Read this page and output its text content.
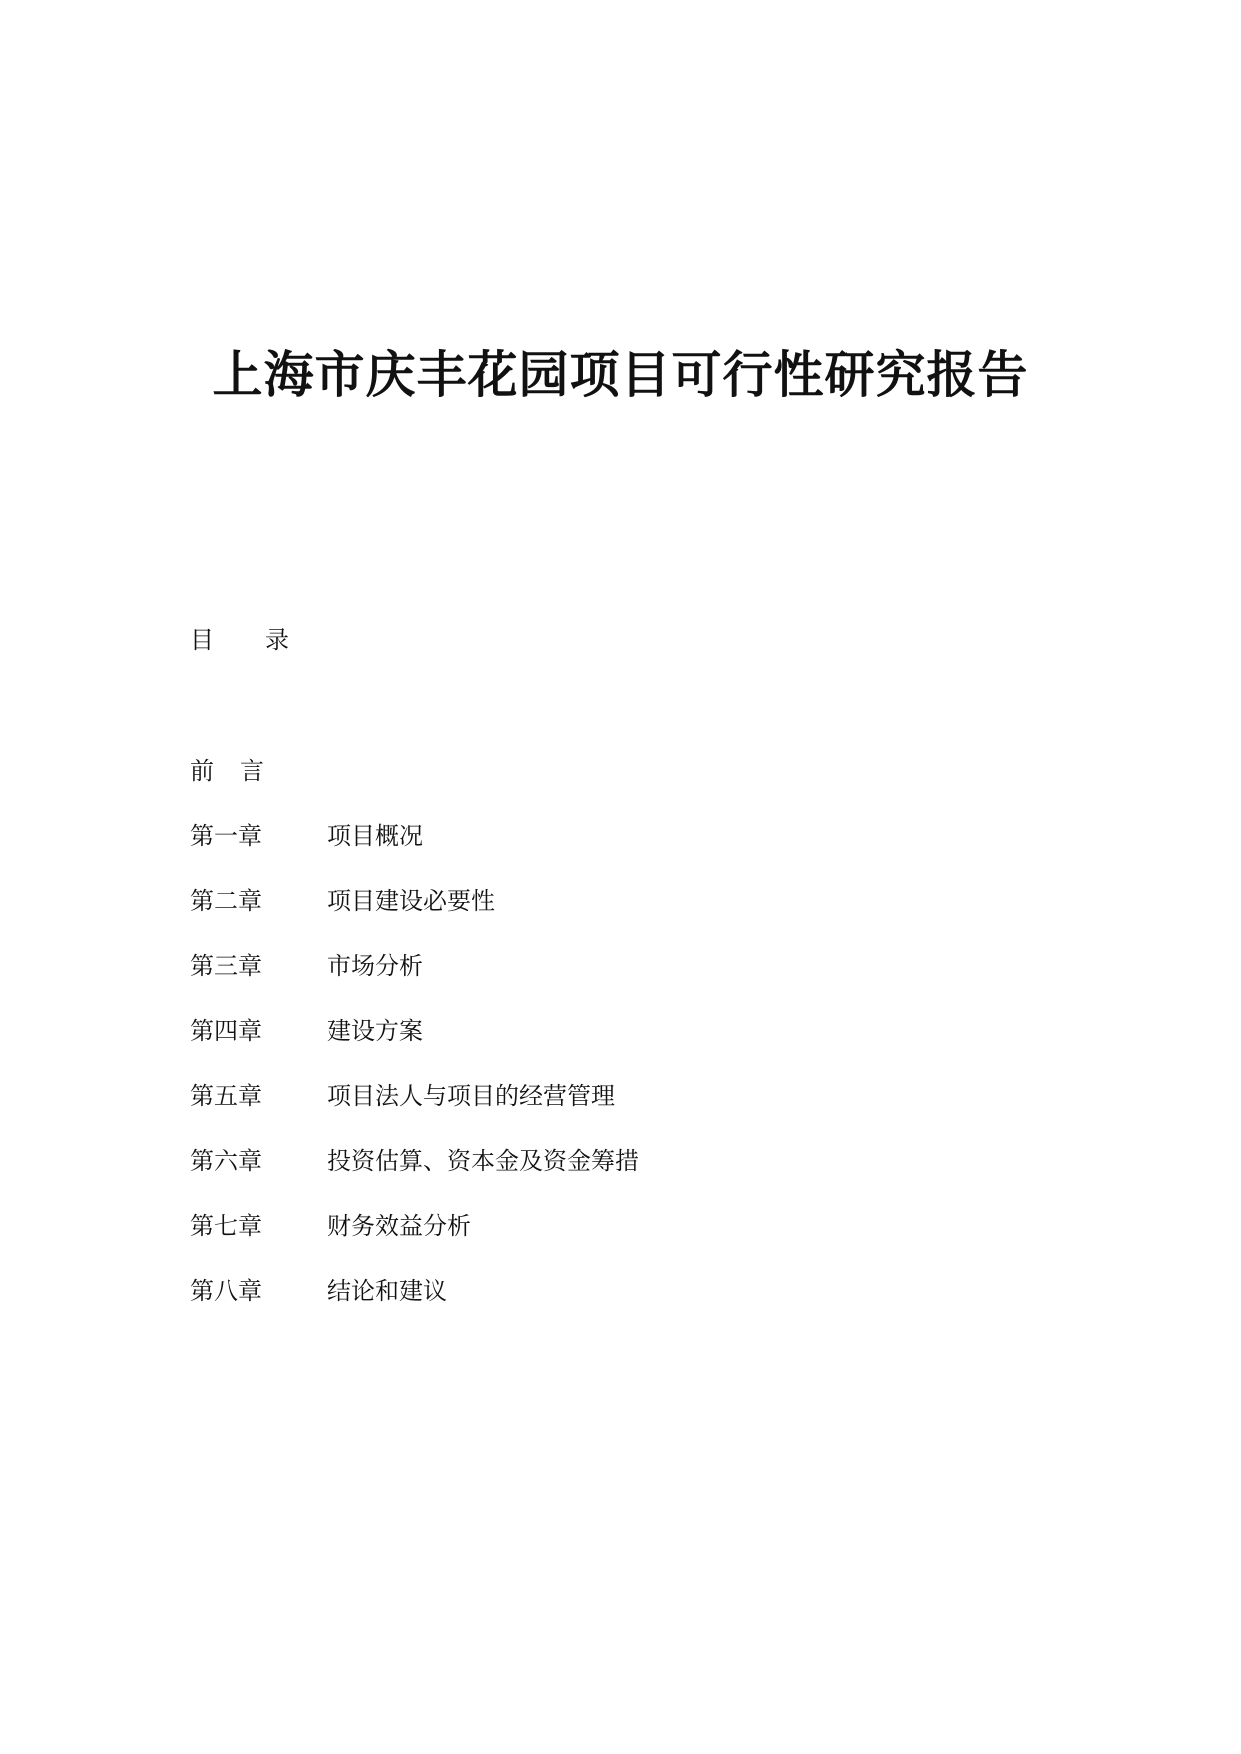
上海市庆丰花园项目可行性研究报告
目 录
前 言
第一章	项目概况
第二章	项目建设必要性
第三章	市场分析
第四章	建设方案
第五章	项目法人与项目的经营管理
第六章	投资估算、资本金及资金筹措
第七章	财务效益分析
第八章	结论和建议
